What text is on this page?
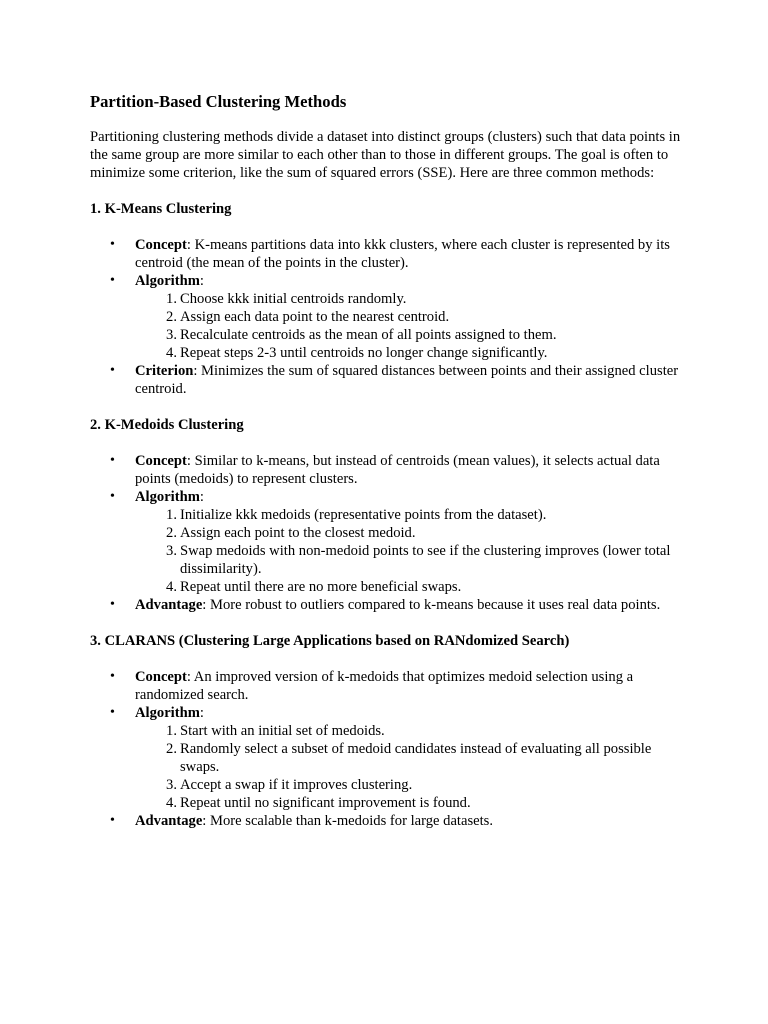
Partition-Based Clustering Methods

Partitioning clustering methods divide a dataset into distinct groups (clusters) such that data points in the same group are more similar to each other than to those in different groups. The goal is often to minimize some criterion, like the sum of squared errors (SSE). Here are three common methods:

1. K-Means Clustering
• Concept: K-means partitions data into kkk clusters, where each cluster is represented by its centroid (the mean of the points in the cluster).
• Algorithm:
1. Choose kkk initial centroids randomly.
2. Assign each data point to the nearest centroid.
3. Recalculate centroids as the mean of all points assigned to them.
4. Repeat steps 2-3 until centroids no longer change significantly.
• Criterion: Minimizes the sum of squared distances between points and their assigned cluster centroid.
2. K-Medoids Clustering
• Concept: Similar to k-means, but instead of centroids (mean values), it selects actual data points (medoids) to represent clusters.
• Algorithm:
1. Initialize kkk medoids (representative points from the dataset).
2. Assign each point to the closest medoid.
3. Swap medoids with non-medoid points to see if the clustering improves (lower total dissimilarity).
4. Repeat until there are no more beneficial swaps.
• Advantage: More robust to outliers compared to k-means because it uses real data points.
3. CLARANS (Clustering Large Applications based on RANdomized Search)
• Concept: An improved version of k-medoids that optimizes medoid selection using a randomized search.
• Algorithm:
1. Start with an initial set of medoids.
2. Randomly select a subset of medoid candidates instead of evaluating all possible swaps.
3. Accept a swap if it improves clustering.
4. Repeat until no significant improvement is found.
• Advantage: More scalable than k-medoids for large datasets.
